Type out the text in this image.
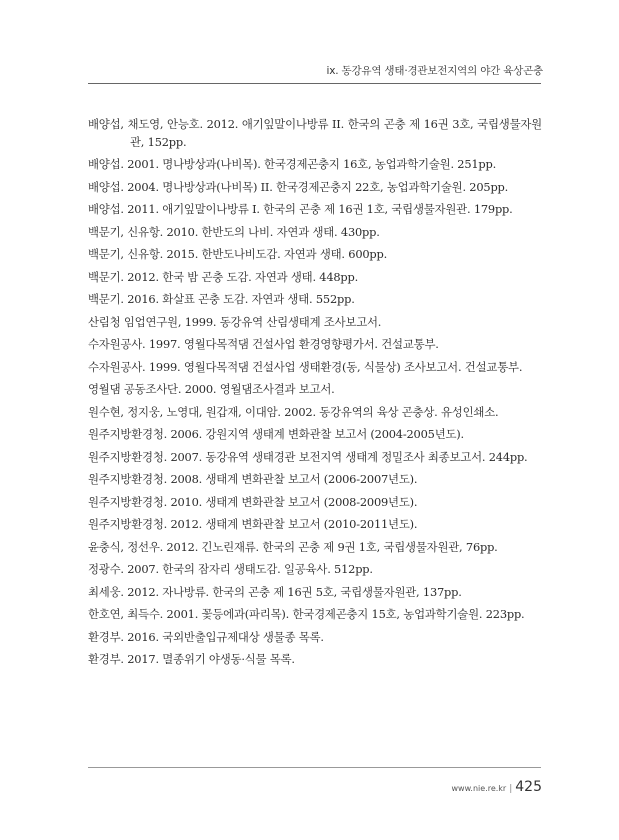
ix. 동강유역 생태·경관보전지역의 야간 육상곤충

배양섭, 채도영, 안능호. 2012. 애기잎말이나방류 II. 한국의 곤충 제 16권 3호, 국립생물자원관, 152pp.

배양섭. 2001. 명나방상과(나비목). 한국경제곤충지 16호, 농업과학기술원. 251pp.

배양섭. 2004. 명나방상과(나비목) II. 한국경제곤충지 22호, 농업과학기술원. 205pp.

배양섭. 2011. 애기잎말이나방류 I. 한국의 곤충 제 16권 1호, 국립생물자원관. 179pp.

백문기, 신유항. 2010. 한반도의 나비. 자연과 생태. 430pp.

백문기, 신유항. 2015. 한반도나비도감. 자연과 생태. 600pp.

백문기. 2012. 한국 밤 곤충 도감. 자연과 생태. 448pp.

백문기. 2016. 화살표 곤충 도감. 자연과 생태. 552pp.

산림청 임업연구원, 1999. 동강유역 산림생태계 조사보고서.

수자원공사. 1997. 영월다목적댐 건설사업 환경영향평가서. 건설교통부.

수자원공사. 1999. 영월다목적댐 건설사업 생태환경(동, 식물상) 조사보고서. 건설교통부.

영월댐 공동조사단. 2000. 영월댐조사결과 보고서.

원수현, 정지웅, 노영대, 원갑재, 이대암. 2002. 동강유역의 육상 곤충상. 유성인쇄소.

원주지방환경청. 2006. 강원지역 생태계 변화관찰 보고서 (2004-2005년도).

원주지방환경청. 2007. 동강유역 생태경관 보전지역 생태계 정밀조사 최종보고서. 244pp.

원주지방환경청. 2008. 생태계 변화관찰 보고서 (2006-2007년도).

원주지방환경청. 2010. 생태계 변화관찰 보고서 (2008-2009년도).

원주지방환경청. 2012. 생태계 변화관찰 보고서 (2010-2011년도).

윤충식, 정선우. 2012. 긴노린재류. 한국의 곤충 제 9권 1호, 국립생물자원관, 76pp.

정광수. 2007. 한국의 잠자리 생태도감. 일공육사. 512pp.

최세웅. 2012. 자나방류. 한국의 곤충 제 16권 5호, 국립생물자원관, 137pp.

한호연, 최득수. 2001. 꽃등에과(파리목). 한국경제곤충지 15호, 농업과학기술원. 223pp.

환경부. 2016. 국외반출입규제대상 생물종 목록.

환경부. 2017. 멸종위기 야생동·식물 목록.

www.nie.re.kr | 425
